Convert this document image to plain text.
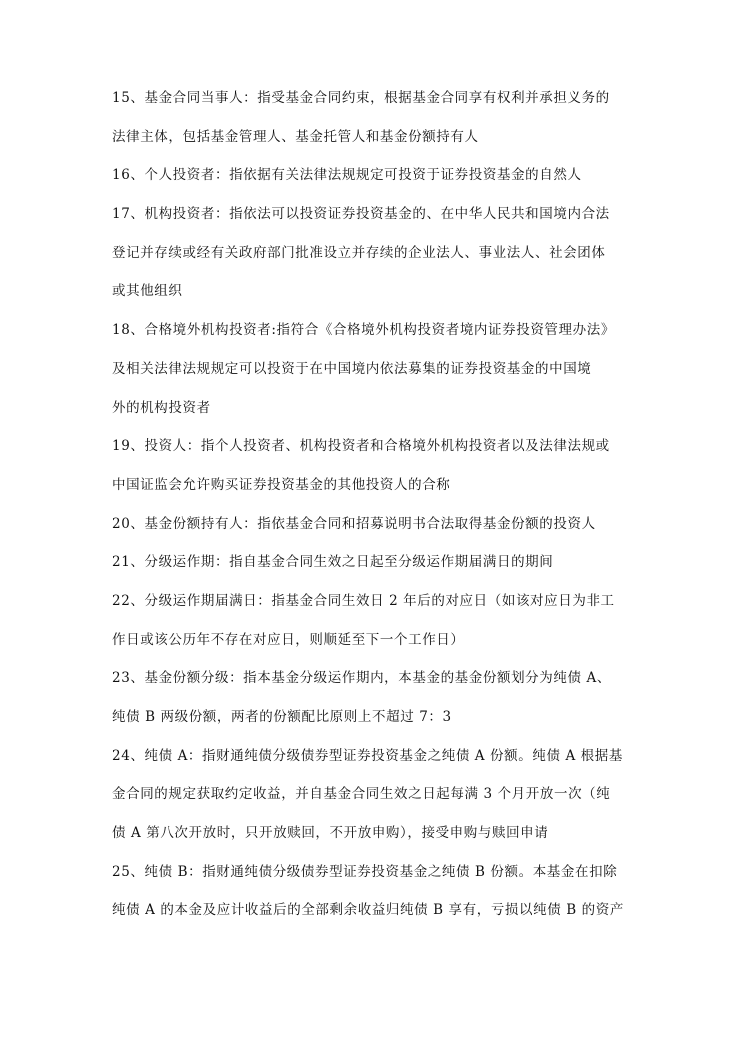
15、基金合同当事人：指受基金合同约束，根据基金合同享有权利并承担义务的
法律主体，包括基金管理人、基金托管人和基金份额持有人
16、个人投资者：指依据有关法律法规规定可投资于证券投资基金的自然人
17、机构投资者：指依法可以投资证券投资基金的、在中华人民共和国境内合法
登记并存续或经有关政府部门批准设立并存续的企业法人、事业法人、社会团体
或其他组织
18、合格境外机构投资者:指符合《合格境外机构投资者境内证券投资管理办法》
及相关法律法规规定可以投资于在中国境内依法募集的证券投资基金的中国境
外的机构投资者
19、投资人：指个人投资者、机构投资者和合格境外机构投资者以及法律法规或
中国证监会允许购买证券投资基金的其他投资人的合称
20、基金份额持有人：指依基金合同和招募说明书合法取得基金份额的投资人
21、分级运作期：指自基金合同生效之日起至分级运作期届满日的期间
22、分级运作期届满日：指基金合同生效日 2 年后的对应日（如该对应日为非工
作日或该公历年不存在对应日，则顺延至下一个工作日）
23、基金份额分级：指本基金分级运作期内，本基金的基金份额划分为纯债 A、
纯债 B 两级份额，两者的份额配比原则上不超过 7：3
24、纯债 A：指财通纯债分级债券型证券投资基金之纯债 A 份额。纯债 A 根据基
金合同的规定获取约定收益，并自基金合同生效之日起每满 3 个月开放一次（纯
债 A 第八次开放时，只开放赎回，不开放申购），接受申购与赎回申请
25、纯债 B：指财通纯债分级债券型证券投资基金之纯债 B 份额。本基金在扣除
纯债 A 的本金及应计收益后的全部剩余收益归纯债 B 享有，亏损以纯债 B 的资产
